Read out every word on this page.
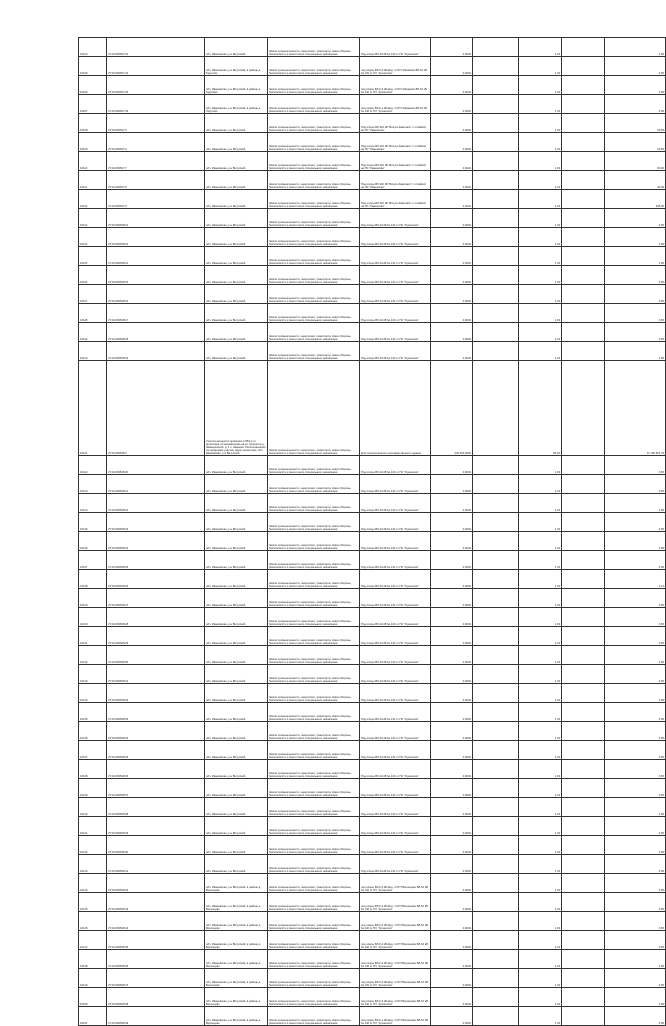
16104	37:04:000527:61	обл. Ивановская, р-н Вичугский	Земли промышленности, энергетики, транспорта, связи обороны, безопасности и земли иного специального назначения	Под опоры ВЛ-10 кВ № 140 от ПС "Кузнечиха"	0,0004		1,33		0,65
16105	37:04:000527:44	обл. Ивановская, р-н Вичугский, в районе д. Гарусово	Земли промышленности, энергетики, транспорта, связи обороны, безопасности и земли иного специального назначения	под опоры ВЛ-0,4 кВ фид. 1 КТП Абрамово ВЛ-10 кВ № 140 от ПС "Кузнечиха"	0,0004		1,33		0,65
16106	37:04:000527:45	обл. Ивановская, р-н Вичугский, в районе д. Гарусово	Земли промышленности, энергетики, транспорта, связи обороны, безопасности и земли иного специального назначения	под опоры ВЛ-0,4 кВ фид. 1 КТП Абрамово ВЛ-10 кВ № 140 от ПС "Кузнечиха"	0,0004		1,33		0,65
16107	37:04:000527:46	обл. Ивановская, р-н Вичугский, в районе д. Гарусово	Земли промышленности, энергетики, транспорта, связи обороны, безопасности и земли иного специального назначения	под опоры ВЛ-0,4 кВ фид. 1 КТП Абрамово ВЛ-10 кВ № 140 от ПС "Кузнечиха"	0,0004		1,33		0,65
16108	37:04:000527:5	обл. Ивановская, р-н Вичугский	Земли промышленности, энергетики, транспорта, связи обороны, безопасности и земли иного специального назначения	Под опоры ВЛ-110 кВ "Вичуга-Заволжск" с отпайкой на ПС "Каменская"	0,0004		1,33		20,65
16109	37:04:000527:6	обл. Ивановская, р-н Вичугский	Земли промышленности, энергетики, транспорта, связи обороны, безопасности и земли иного специального назначения	Под опоры ВЛ-110 кВ "Вичуга-Заволжск" с отпайкой на ПС "Каменская"	0,0004		1,33		20,65
16110	37:04:000527:7	обл. Ивановская, р-н Вичугский	Земли промышленности, энергетики, транспорта, связи обороны, безопасности и земли иного специального назначения	Под опоры ВЛ-110 кВ "Вичуга-Заволжск" с отпайкой на ПС "Каменская"	0,0024		1,33		30,00
16111	37:04:000527:8	обл. Ивановская, р-н Вичугский	Земли промышленности, энергетики, транспорта, связи обороны, безопасности и земли иного специального назначения	Под опоры ВЛ-110 кВ "Вичуга-Заволжск" с отпайкой на ПС "Каменская"	0,0024		1,33		30,00
16112	37:04:000527:9	обл. Ивановская, р-н Вичугский	Земли промышленности, энергетики, транспорта, связи обороны, безопасности и земли иного специального назначения	Под опоры ВЛ-110 кВ "Вичуга-Заволжск" с отпайкой на ПС "Каменская"	0,0024		1,33		296,00
16113	37:04:000528:10	обл. Ивановская, р-н Вичугский	Земли промышленности, энергетики, транспорта, связи обороны, безопасности и земли иного специального назначения	Под опоры ВЛ-10 кВ № 140 от ПС "Кузнечиха"	0,0004		1,33		0,65
16114	37:04:000528:13	обл. Ивановская, р-н Вичугский	Земли промышленности, энергетики, транспорта, связи обороны, безопасности и земли иного специального назначения	Под опоры ВЛ-10 кВ № 140 от ПС "Кузнечиха"	0,0004		1,33		0,65
16115	37:04:000528:14	обл. Ивановская, р-н Вичугский	Земли промышленности, энергетики, транспорта, связи обороны, безопасности и земли иного специального назначения	Под опоры ВЛ-10 кВ № 140 от ПС "Кузнечиха"	0,0004		1,33		1,95
16116	37:04:000528:15	обл. Ивановская, р-н Вичугский	Земли промышленности, энергетики, транспорта, связи обороны, безопасности и земли иного специального назначения	Под опоры ВЛ-10 кВ № 140 от ПС "Кузнечиха"	0,0004		1,33		0,65
16117	37:04:000528:16	обл. Ивановская, р-н Вичугский	Земли промышленности, энергетики, транспорта, связи обороны, безопасности и земли иного специального назначения	Под опоры ВЛ-10 кВ № 140 от ПС "Кузнечиха"	0,0004		1,33		0,65
16118	37:04:000528:17	обл. Ивановская, р-н Вичугский	Земли промышленности, энергетики, транспорта, связи обороны, безопасности и земли иного специального назначения	Под опоры ВЛ-10 кВ № 140 от ПС "Кузнечиха"	0,0004		1,33		0,65
16119	37:04:000528:18	обл. Ивановская, р-н Вичугский	Земли промышленности, энергетики, транспорта, связи обороны, безопасности и земли иного специального назначения	Под опоры ВЛ-10 кВ № 140 от ПС "Кузнечиха"	0,0004		1,33		0,65
16120	37:04:000528:19	обл. Ивановская, р-н Вичугский	Земли промышленности, энергетики, транспорта, связи обороны, безопасности и земли иного специального назначения	Под опоры ВЛ-10 кВ № 140 от ПС "Кузнечиха"	0,0004		1,33		0,65
16121	37:04:000528:2	Участок находится примерно в 553 м от ориентира по направлению на юг. Ориентир д. Шевыринский, д. 1 п. Каменка. Расположенного за пределами участка, адрес ориентира: обл. Ивановская, р-н Вичугский	Земли промышленности, энергетики, транспорта, связи обороны, безопасности и земли иного специального назначения	Для промышленного производственного здания	446 000,0000		86,20		11 790 651,79
16122	37:04:000528:20	обл. Ивановская, р-н Вичугский	Земли промышленности, энергетики, транспорта, связи обороны, безопасности и земли иного специального назначения	Под опоры ВЛ-10 кВ № 140 от ПС "Кузнечиха"	0,0004		1,33		0,65
16123	37:04:000528:21	обл. Ивановская, р-н Вичугский	Земли промышленности, энергетики, транспорта, связи обороны, безопасности и земли иного специального назначения	Под опоры ВЛ-10 кВ № 140 от ПС "Кузнечиха"	0,0004		1,33		0,65
16124	37:04:000528:22	обл. Ивановская, р-н Вичугский	Земли промышленности, энергетики, транспорта, связи обороны, безопасности и земли иного специального назначения	Под опоры ВЛ-10 кВ № 140 от ПС "Кузнечиха"	0,0004		1,33		0,65
16125	37:04:000528:23	обл. Ивановская, р-н Вичугский	Земли промышленности, энергетики, транспорта, связи обороны, безопасности и земли иного специального назначения	Под опоры ВЛ-10 кВ № 140 от ПС "Кузнечиха"	0,0004		1,33		0,65
16126	37:04:000528:24	обл. Ивановская, р-н Вичугский	Земли промышленности, энергетики, транспорта, связи обороны, безопасности и земли иного специального назначения	Под опоры ВЛ-10 кВ № 140 от ПС "Кузнечиха"	0,0004		1,33		0,65
16127	37:04:000528:25	обл. Ивановская, р-н Вичугский	Земли промышленности, энергетики, транспорта, связи обороны, безопасности и земли иного специального назначения	Под опоры ВЛ-10 кВ № 140 от ПС "Кузнечиха"	0,0004		1,33		0,65
16128	37:04:000528:26	обл. Ивановская, р-н Вичугский	Земли промышленности, энергетики, транспорта, связи обороны, безопасности и земли иного специального назначения	Под опоры ВЛ-10 кВ № 140 от ПС "Кузнечиха"	0,0004		1,33		1,14
16129	37:04:000528:27	обл. Ивановская, р-н Вичугский	Земли промышленности, энергетики, транспорта, связи обороны, безопасности и земли иного специального назначения	Под опоры ВЛ-10 кВ № 140 от ПС "Кузнечиха"	0,0004		1,33		0,65
16130	37:04:000528:28	обл. Ивановская, р-н Вичугский	Земли промышленности, энергетики, транспорта, связи обороны, безопасности и земли иного специального назначения	Под опоры ВЛ-10 кВ № 140 от ПС "Кузнечиха"	0,0004		1,33		0,65
16131	37:04:000528:29	обл. Ивановская, р-н Вичугский	Земли промышленности, энергетики, транспорта, связи обороны, безопасности и земли иного специального назначения	Под опоры ВЛ-10 кВ № 140 от ПС "Кузнечиха"	0,0004		1,33		0,65
16132	37:04:000528:30	обл. Ивановская, р-н Вичугский	Земли промышленности, энергетики, транспорта, связи обороны, безопасности и земли иного специального назначения	Под опоры ВЛ-10 кВ № 140 от ПС "Кузнечиха"	0,0004		1,33		0,65
16133	37:04:000528:31	обл. Ивановская, р-н Вичугский	Земли промышленности, энергетики, транспорта, связи обороны, безопасности и земли иного специального назначения	Под опоры ВЛ-10 кВ № 140 от ПС "Кузнечиха"	0,0004		1,33		0,65
16134	37:04:000528:32	обл. Ивановская, р-н Вичугский	Земли промышленности, энергетики, транспорта, связи обороны, безопасности и земли иного специального назначения	Под опоры ВЛ-10 кВ № 140 от ПС "Кузнечиха"	0,0004		1,33		0,65
16135	37:04:000528:33	обл. Ивановская, р-н Вичугский	Земли промышленности, энергетики, транспорта, связи обороны, безопасности и земли иного специального назначения	Под опоры ВЛ-10 кВ № 140 от ПС "Кузнечиха"	0,0004		1,33		0,65
16136	37:04:000528:34	обл. Ивановская, р-н Вичугский	Земли промышленности, энергетики, транспорта, связи обороны, безопасности и земли иного специального назначения	Под опоры ВЛ-10 кВ № 140 от ПС "Кузнечиха"	0,0004		1,33		0,65
16137	37:04:000528:35	обл. Ивановская, р-н Вичугский	Земли промышленности, энергетики, транспорта, связи обороны, безопасности и земли иного специального назначения	Под опоры ВЛ-10 кВ № 140 от ПС "Кузнечиха"	0,0004		1,33		0,65
16138	37:04:000528:36	обл. Ивановская, р-н Вичугский	Земли промышленности, энергетики, транспорта, связи обороны, безопасности и земли иного специального назначения	Под опоры ВЛ-10 кВ № 140 от ПС "Кузнечиха"	0,0004		1,33		0,65
16139	37:04:000528:37	обл. Ивановская, р-н Вичугский	Земли промышленности, энергетики, транспорта, связи обороны, безопасности и земли иного специального назначения	Под опоры ВЛ-10 кВ № 140 от ПС "Кузнечиха"	0,0004		1,33		0,65
16140	37:04:000528:38	обл. Ивановская, р-н Вичугский	Земли промышленности, энергетики, транспорта, связи обороны, безопасности и земли иного специального назначения	Под опоры ВЛ-10 кВ № 140 от ПС "Кузнечиха"	0,0004		1,33		0,65
16141	37:04:000528:39	обл. Ивановская, р-н Вичугский	Земли промышленности, энергетики, транспорта, связи обороны, безопасности и земли иного специального назначения	Под опоры ВЛ-10 кВ № 140 от ПС "Кузнечиха"	0,0004		1,33		0,65
16142	37:04:000528:40	обл. Ивановская, р-н Вичугский	Земли промышленности, энергетики, транспорта, связи обороны, безопасности и земли иного специального назначения	Под опоры ВЛ-10 кВ № 140 от ПС "Кузнечиха"	0,0004		1,33		0,65
16143	37:04:000528:41	обл. Ивановская, р-н Вичугский	Земли промышленности, энергетики, транспорта, связи обороны, безопасности и земли иного специального назначения	Под опоры ВЛ-10 кВ № 140 от ПС "Кузнечиха"	0,0004		1,33		0,65
16144	37:04:000528:42	обл. Ивановская, р-н Вичугский, в районе д. Воронцово	Земли промышленности, энергетики, транспорта, связи обороны, безопасности и земли иного специального назначения	под опоры ВЛ-0,4 кВ фид. 1 КТП Воронцово ВЛ-10 кВ № 140 от ПС "Кузнечиха"	0,0004		1,33		0,65
16145	37:04:000528:43	обл. Ивановская, р-н Вичугский, в районе д. Воронцово	Земли промышленности, энергетики, транспорта, связи обороны, безопасности и земли иного специального назначения	под опоры ВЛ-0,4 кВ фид. 1 КТП Воронцово ВЛ-10 кВ № 140 от ПС "Кузнечиха"	0,0004		1,33		0,65
16146	37:04:000528:44	обл. Ивановская, р-н Вичугский, в районе д. Воронцово	Земли промышленности, энергетики, транспорта, связи обороны, безопасности и земли иного специального назначения	под опоры ВЛ-0,4 кВ фид. 1 КТП Воронцово ВЛ-10 кВ № 140 от ПС "Кузнечиха"	0,0004		1,33		0,65
16147	37:04:000528:45	обл. Ивановская, р-н Вичугский, в районе д. Воронцово	Земли промышленности, энергетики, транспорта, связи обороны, безопасности и земли иного специального назначения	под опоры ВЛ-0,4 кВ фид. 1 КТП Воронцово ВЛ-10 кВ № 140 от ПС "Кузнечиха"	0,0004		1,33		0,65
16148	37:04:000528:46	обл. Ивановская, р-н Вичугский, в районе д. Воронцово	Земли промышленности, энергетики, транспорта, связи обороны, безопасности и земли иного специального назначения	под опоры ВЛ-0,4 кВ фид. 1 КТП Воронцово ВЛ-10 кВ № 140 от ПС "Кузнечиха"	0,0004		1,33		0,65
16149	37:04:000528:47	обл. Ивановская, р-н Вичугский, в районе д. Воронцово	Земли промышленности, энергетики, транспорта, связи обороны, безопасности и земли иного специального назначения	под опоры ВЛ-0,4 кВ фид. 1 КТП Воронцово ВЛ-10 кВ № 140 от ПС "Кузнечиха"	0,0004		1,33		0,65
16150	37:04:000528:48	обл. Ивановская, р-н Вичугский, в районе д. Воронцово	Земли промышленности, энергетики, транспорта, связи обороны, безопасности и земли иного специального назначения	под опоры ВЛ-0,4 кВ фид. 1 КТП Воронцово ВЛ-10 кВ № 140 от ПС "Кузнечиха"	0,0004		1,33		0,65
16151	37:04:000528:49	обл. Ивановская, р-н Вичугский, в районе д. Воронцово	Земли промышленности, энергетики, транспорта, связи обороны, безопасности и земли иного специального назначения	под опоры ВЛ-0,4 кВ фид. 1 КТП Воронцово ВЛ-10 кВ № 140 от ПС "Кузнечиха"	0,0004		1,33		0,65
